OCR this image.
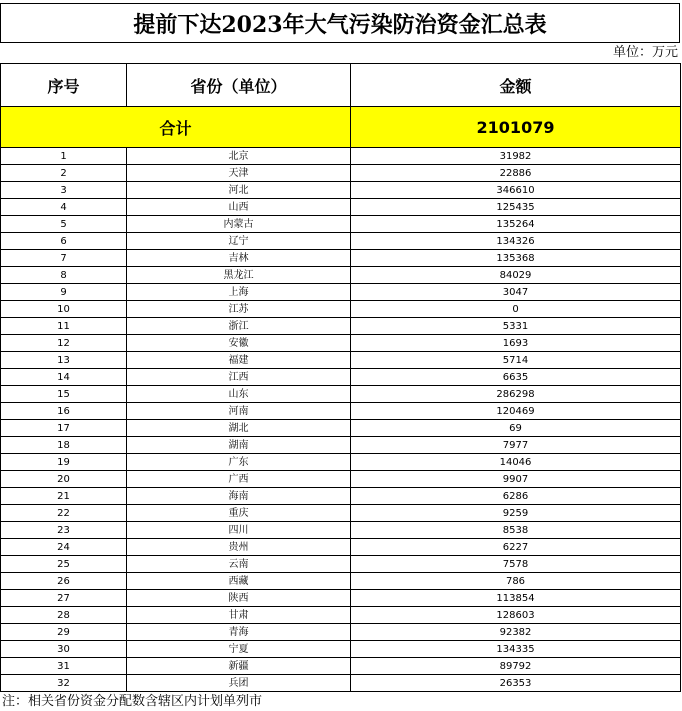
提前下达2023年大气污染防治资金汇总表
单位：万元
序号	省份（单位）	金额
合计		2101079
1	北京	31982
2	天津	22886
3	河北	346610
4	山西	125435
5	内蒙古	135264
6	辽宁	134326
7	吉林	135368
8	黑龙江	84029
9	上海	3047
10	江苏	0
11	浙江	5331
12	安徽	1693
13	福建	5714
14	江西	6635
15	山东	286298
16	河南	120469
17	湖北	69
18	湖南	7977
19	广东	14046
20	广西	9907
21	海南	6286
22	重庆	9259
23	四川	8538
24	贵州	6227
25	云南	7578
26	西藏	786
27	陕西	113854
28	甘肃	128603
29	青海	92382
30	宁夏	134335
31	新疆	89792
32	兵团	26353
注：相关省份资金分配数含辖区内计划单列市
